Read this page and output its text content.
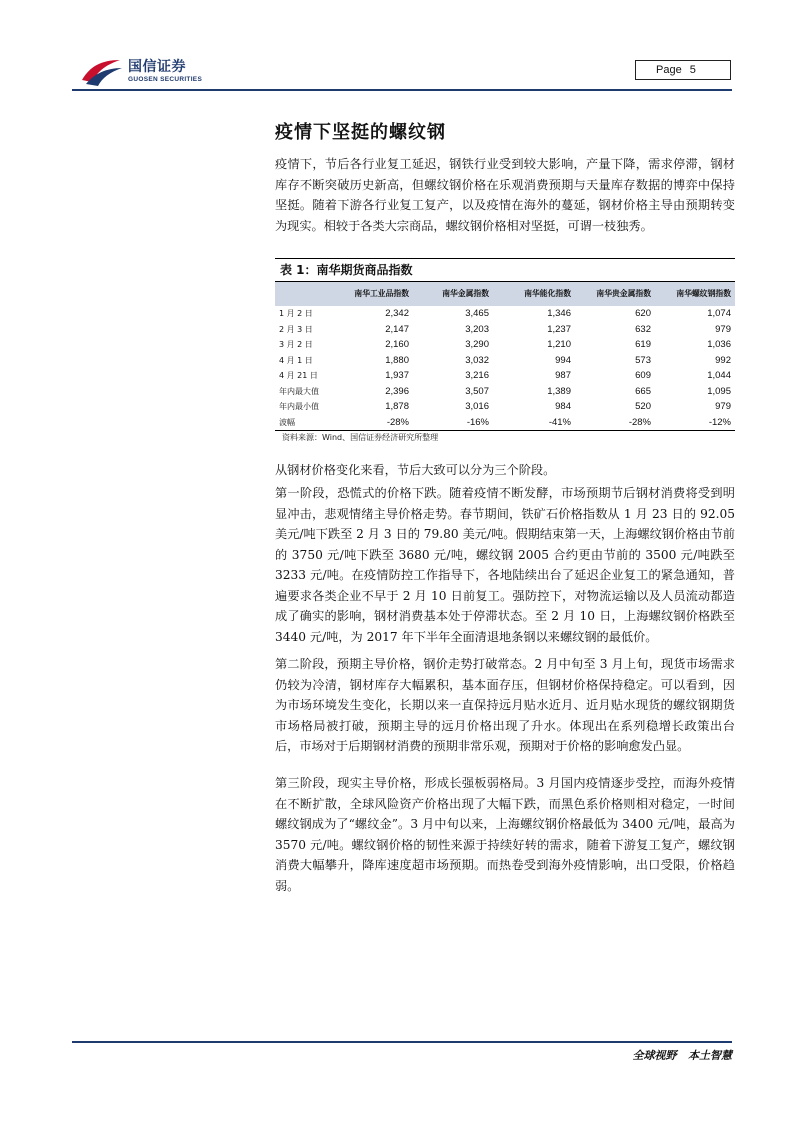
国信证券
GUOSEN SECURITIES
Page 5
疫情下坚挺的螺纹钢

疫情下，节后各行业复工延迟，钢铁行业受到较大影响，产量下降，需求停滞，钢材库存不断突破历史新高，但螺纹钢价格在乐观消费预期与天量库存数据的博弈中保持坚挺。随着下游各行业复工复产，以及疫情在海外的蔓延，钢材价格主导由预期转变为现实。相较于各类大宗商品，螺纹钢价格相对坚挺，可谓一枝独秀。

表 1：南华期货商品指数
	南华工业品指数	南华金属指数	南华能化指数	南华贵金属指数	南华螺纹钢指数
1 月 2 日	2,342	3,465	1,346	620	1,074
2 月 3 日	2,147	3,203	1,237	632	979
3 月 2 日	2,160	3,290	1,210	619	1,036
4 月 1 日	1,880	3,032	994	573	992
4 月 21 日	1,937	3,216	987	609	1,044
年内最大值	2,396	3,507	1,389	665	1,095
年内最小值	1,878	3,016	984	520	979
波幅	-28%	-16%	-41%	-28%	-12%
资料来源：Wind、国信证券经济研究所整理

从钢材价格变化来看，节后大致可以分为三个阶段。

第一阶段，恐慌式的价格下跌。随着疫情不断发酵，市场预期节后钢材消费将受到明显冲击，悲观情绪主导价格走势。春节期间，铁矿石价格指数从 1 月 23 日的 92.05 美元/吨下跌至 2 月 3 日的 79.80 美元/吨。假期结束第一天，上海螺纹钢价格由节前的 3750 元/吨下跌至 3680 元/吨，螺纹钢 2005 合约更由节前的 3500 元/吨跌至 3233 元/吨。在疫情防控工作指导下，各地陆续出台了延迟企业复工的紧急通知，普遍要求各类企业不早于 2 月 10 日前复工。强防控下，对物流运输以及人员流动都造成了确实的影响，钢材消费基本处于停滞状态。至 2 月 10 日，上海螺纹钢价格跌至 3440 元/吨，为 2017 年下半年全面清退地条钢以来螺纹钢的最低价。

第二阶段，预期主导价格，钢价走势打破常态。2 月中旬至 3 月上旬，现货市场需求仍较为冷清，钢材库存大幅累积，基本面存压，但钢材价格保持稳定。可以看到，因为市场环境发生变化，长期以来一直保持远月贴水近月、近月贴水现货的螺纹钢期货市场格局被打破，预期主导的远月价格出现了升水。体现出在系列稳增长政策出台后，市场对于后期钢材消费的预期非常乐观，预期对于价格的影响愈发凸显。

第三阶段，现实主导价格，形成长强板弱格局。3 月国内疫情逐步受控，而海外疫情在不断扩散，全球风险资产价格出现了大幅下跌，而黑色系价格则相对稳定，一时间螺纹钢成为了“螺纹金”。3 月中旬以来，上海螺纹钢价格最低为 3400 元/吨，最高为 3570 元/吨。螺纹钢价格的韧性来源于持续好转的需求，随着下游复工复产，螺纹钢消费大幅攀升，降库速度超市场预期。而热卷受到海外疫情影响，出口受限，价格趋弱。

全球视野   本土智慧
